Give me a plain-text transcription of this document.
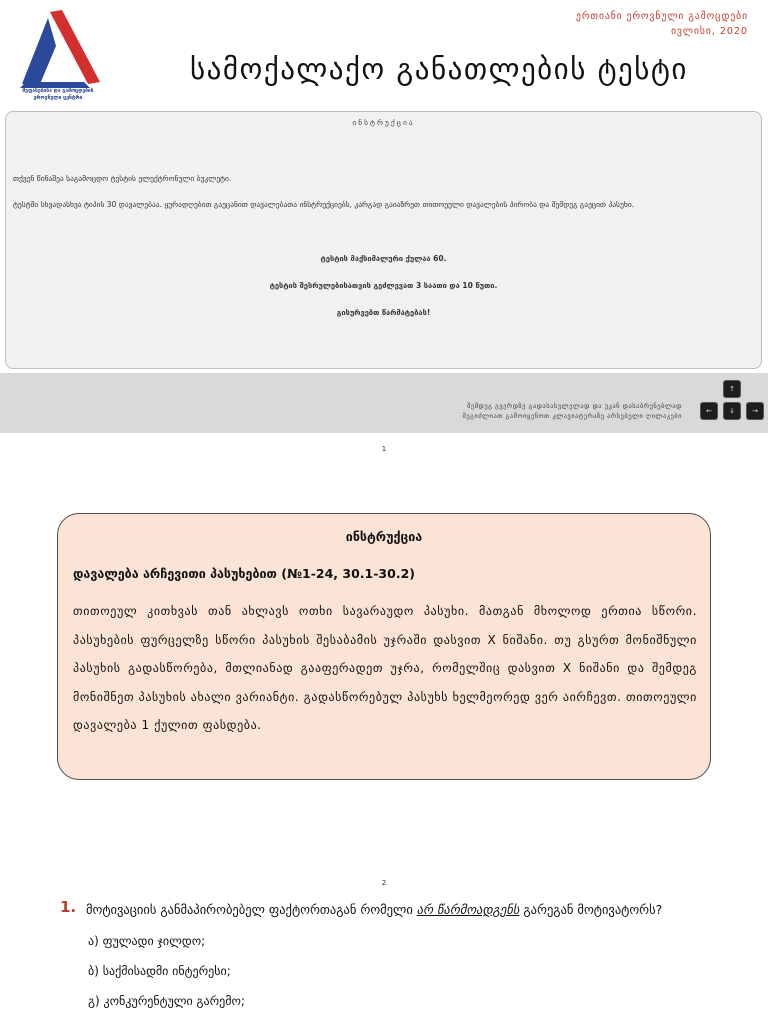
შეფასებისა და გამოცდების
ეროვნული ცენტრი
ერთიანი ეროვნული გამოცდები
ივლისი, 2020
სამოქალაქო განათლების ტესტი
ინსტრუქცია
თქვენ წინაშეა საგამოცდო ტესტის ელექტრონული ბუკლეტი.
ტესტში სხვადასხვა ტიპის 30 დავალებაა. ყურადღებით გაეცანით დავალებათა ინსტრუქციებს, კარგად გაიაზრეთ თითოეული დავალების პირობა და შემდეგ გაეცით პასუხი.
ტესტის მაქსიმალური ქულაა 60.
ტესტის შესრულებისათვის გეძლევათ 3 საათი და 10 წუთი.
გისურვებთ წარმატებას!
შემდეგ გვერდზე გადასასვლელად და უკან დასაბრუნებლად
შეგიძლიათ გამოიყენოთ კლავიატურაზე არსებული ღილაკები
↑
←	↓	→
1
ინსტრუქცია
დავალება არჩევითი პასუხებით (№1-24, 30.1-30.2)
თითოეულ კითხვას თან ახლავს ოთხი სავარაუდო პასუხი. მათგან მხოლოდ ერთია სწორი. პასუხების ფურცელზე სწორი პასუხის შესაბამის უჯრაში დასვით X ნიშანი. თუ გსურთ მონიშნული პასუხის გადასწორება, მთლიანად გააფერადეთ უჯრა, რომელშიც დასვით X ნიშანი და შემდეგ მონიშნეთ პასუხის ახალი ვარიანტი. გადასწორებულ პასუხს ხელმეორედ ვერ აირჩევთ. თითოეული დავალება 1 ქულით ფასდება.
2
1. მოტივაციის განმაპირობებელ ფაქტორთაგან რომელი არ წარმოადგენს გარეგან მოტივატორს?
ა) ფულადი ჯილდო;
ბ) საქმისადმი ინტერესი;
გ) კონკურენტული გარემო;
